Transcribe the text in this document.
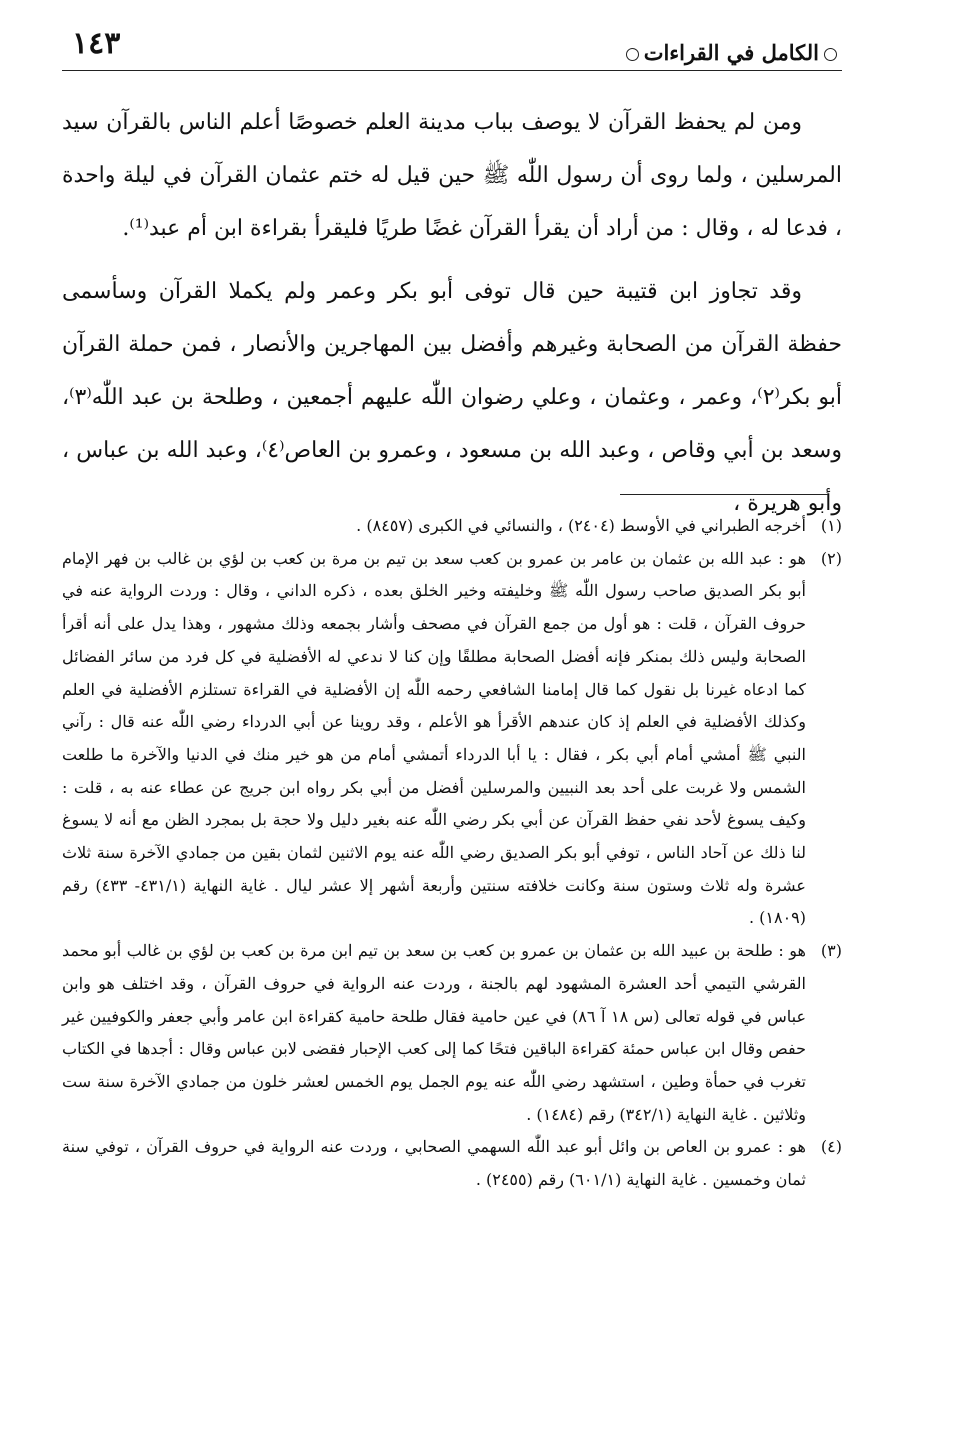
الكامل في القراءات
١٤٣

ومن لم يحفظ القرآن لا يوصف بباب مدينة العلم خصوصًا أعلم الناس بالقرآن سيد المرسلين ، ولما روى أن رسول اللّٰه ﷺ حين قيل له ختم عثمان القرآن في ليلة واحدة ، فدعا له ، وقال : من أراد أن يقرأ القرآن غضًا طريًا فليقرأ بقراءة ابن أم عبد⁽¹⁾.

وقد تجاوز ابن قتيبة حين قال توفى أبو بكر وعمر ولم يكملا القرآن وسأسمى حفظة القرآن من الصحابة وغيرهم وأفضل بين المهاجرين والأنصار ، فمن حملة القرآن أبو بكر⁽٢⁾، وعمر ، وعثمان ، وعلي رضوان اللّٰه عليهم أجمعين ، وطلحة بن عبد اللّٰه⁽٣⁾، وسعد بن أبي وقاص ، وعبد الله بن مسعود ، وعمرو بن العاص⁽٤⁾، وعبد الله بن عباس ، وأبو هريرة ،

(١)
أخرجه الطبراني في الأوسط (٢٤٠٤) ، والنسائي في الكبرى (٨٤٥٧) .

(٢)
هو : عبد الله بن عثمان بن عامر بن عمرو بن كعب سعد بن تيم بن مرة بن كعب بن لؤي بن غالب بن فهر الإمام أبو بكر الصديق صاحب رسول اللّٰه ﷺ وخليفته وخير الخلق بعده ، ذكره الداني ، وقال : وردت الرواية عنه في حروف القرآن ، قلت : هو أول من جمع القرآن في مصحف وأشار بجمعه وذلك مشهور ، وهذا يدل على أنه أقرأ الصحابة وليس ذلك بمنكر فإنه أفضل الصحابة مطلقًا وإن كنا لا ندعي له الأفضلية في كل فرد من سائر الفضائل كما ادعاه غيرنا بل نقول كما قال إمامنا الشافعي رحمه اللّٰه إن الأفضلية في القراءة تستلزم الأفضلية في العلم وكذلك الأفضلية في العلم إذ كان عندهم الأقرأ هو الأعلم ، وقد روينا عن أبي الدرداء رضي اللّٰه عنه قال : رآني النبي ﷺ أمشي أمام أبي بكر ، فقال : يا أبا الدرداء أتمشي أمام من هو خير منك في الدنيا والآخرة ما طلعت الشمس ولا غربت على أحد بعد النبيين والمرسلين أفضل من أبي بكر رواه ابن جريج عن عطاء عنه به ، قلت : وكيف يسوغ لأحد نفي حفظ القرآن عن أبي بكر رضي اللّٰه عنه بغير دليل ولا حجة بل بمجرد الظن مع أنه لا يسوغ لنا ذلك عن آحاد الناس ، توفي أبو بكر الصديق رضي اللّٰه عنه يوم الاثنين لثمان بقين من جمادي الآخرة سنة ثلاث عشرة وله ثلاث وستون سنة وكانت خلافته سنتين وأربعة أشهر إلا عشر ليال . غاية النهاية (٤٣١/١- ٤٣٣) رقم (١٨٠٩) .

(٣)
هو : طلحة بن عبيد الله بن عثمان بن عمرو بن كعب بن سعد بن تيم ابن مرة بن كعب بن لؤي بن غالب أبو محمد القرشي التيمي أحد العشرة المشهود لهم بالجنة ، وردت عنه الرواية في حروف القرآن ، وقد اختلف هو وابن عباس في قوله تعالى (س ١٨ آ ٨٦) في عين حامية فقال طلحة حامية كقراءة ابن عامر وأبي جعفر والكوفيين غير حفص وقال ابن عباس حمئة كقراءة الباقين فتحًا كما إلى كعب الإحبار فقضى لابن عباس وقال : أجدها في الكتاب تغرب في حمأة وطين ، استشهد رضي اللّٰه عنه يوم الجمل يوم الخمس لعشر خلون من جمادي الآخرة سنة ست وثلاثين . غاية النهاية (٣٤٢/١) رقم (١٤٨٤) .

(٤)
هو : عمرو بن العاص بن وائل أبو عبد اللّٰه السهمي الصحابي ، وردت عنه الرواية في حروف القرآن ، توفي سنة ثمان وخمسين . غاية النهاية (٦٠١/١) رقم (٢٤٥٥) .
